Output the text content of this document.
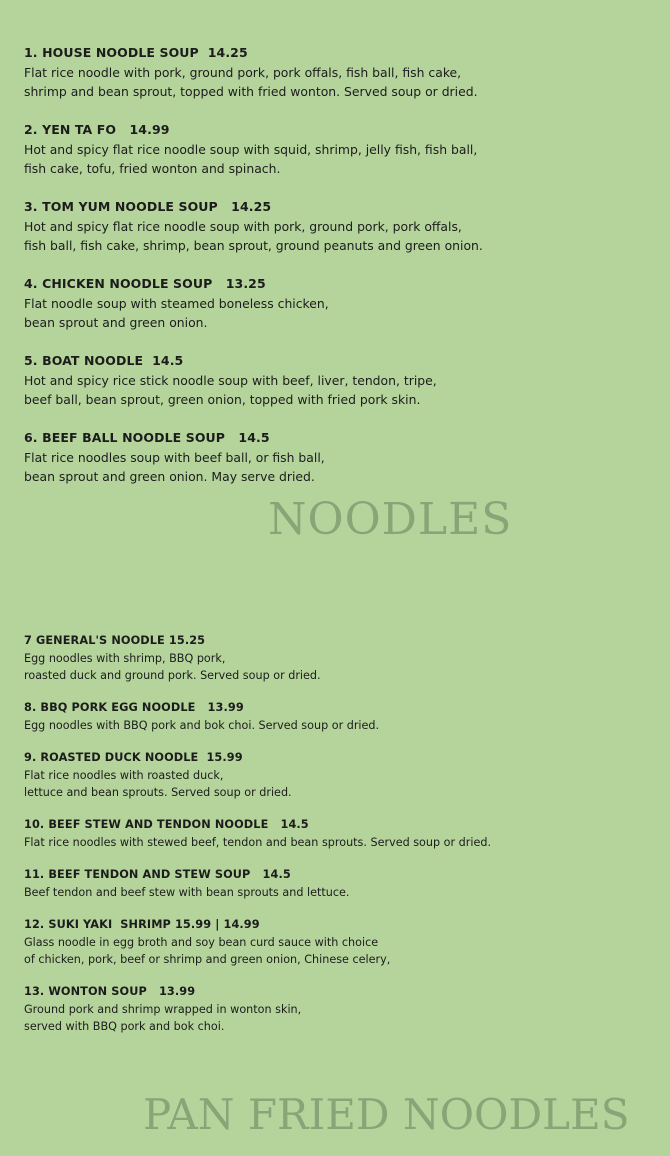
1. HOUSE NOODLE SOUP  14.25
Flat rice noodle with pork, ground pork, pork offals, fish ball, fish cake,
shrimp and bean sprout, topped with fried wonton. Served soup or dried.
2. YEN TA FO   14.99
Hot and spicy flat rice noodle soup with squid, shrimp, jelly fish, fish ball,
fish cake, tofu, fried wonton and spinach.
3. TOM YUM NOODLE SOUP   14.25
Hot and spicy flat rice noodle soup with pork, ground pork, pork offals,
fish ball, fish cake, shrimp, bean sprout, ground peanuts and green onion.
4. CHICKEN NOODLE SOUP   13.25
Flat noodle soup with steamed boneless chicken,
bean sprout and green onion.
5. BOAT NOODLE  14.5
Hot and spicy rice stick noodle soup with beef, liver, tendon, tripe,
beef ball, bean sprout, green onion, topped with fried pork skin.
6. BEEF BALL NOODLE SOUP   14.5
Flat rice noodles soup with beef ball, or fish ball,
bean sprout and green onion. May serve dried.
NOODLES
7 GENERAL'S NOODLE 15.25
Egg noodles with shrimp, BBQ pork,
roasted duck and ground pork. Served soup or dried.
8. BBQ PORK EGG NOODLE   13.99
Egg noodles with BBQ pork and bok choi. Served soup or dried.
9. ROASTED DUCK NOODLE  15.99
Flat rice noodles with roasted duck,
lettuce and bean sprouts. Served soup or dried.
10. BEEF STEW AND TENDON NOODLE   14.5
Flat rice noodles with stewed beef, tendon and bean sprouts. Served soup or dried.
11. BEEF TENDON AND STEW SOUP   14.5
Beef tendon and beef stew with bean sprouts and lettuce.
12. SUKI YAKI  SHRIMP 15.99 | 14.99
Glass noodle in egg broth and soy bean curd sauce with choice
of chicken, pork, beef or shrimp and green onion, Chinese celery,
13. WONTON SOUP   13.99
Ground pork and shrimp wrapped in wonton skin,
served with BBQ pork and bok choi.
PAN FRIED NOODLES
